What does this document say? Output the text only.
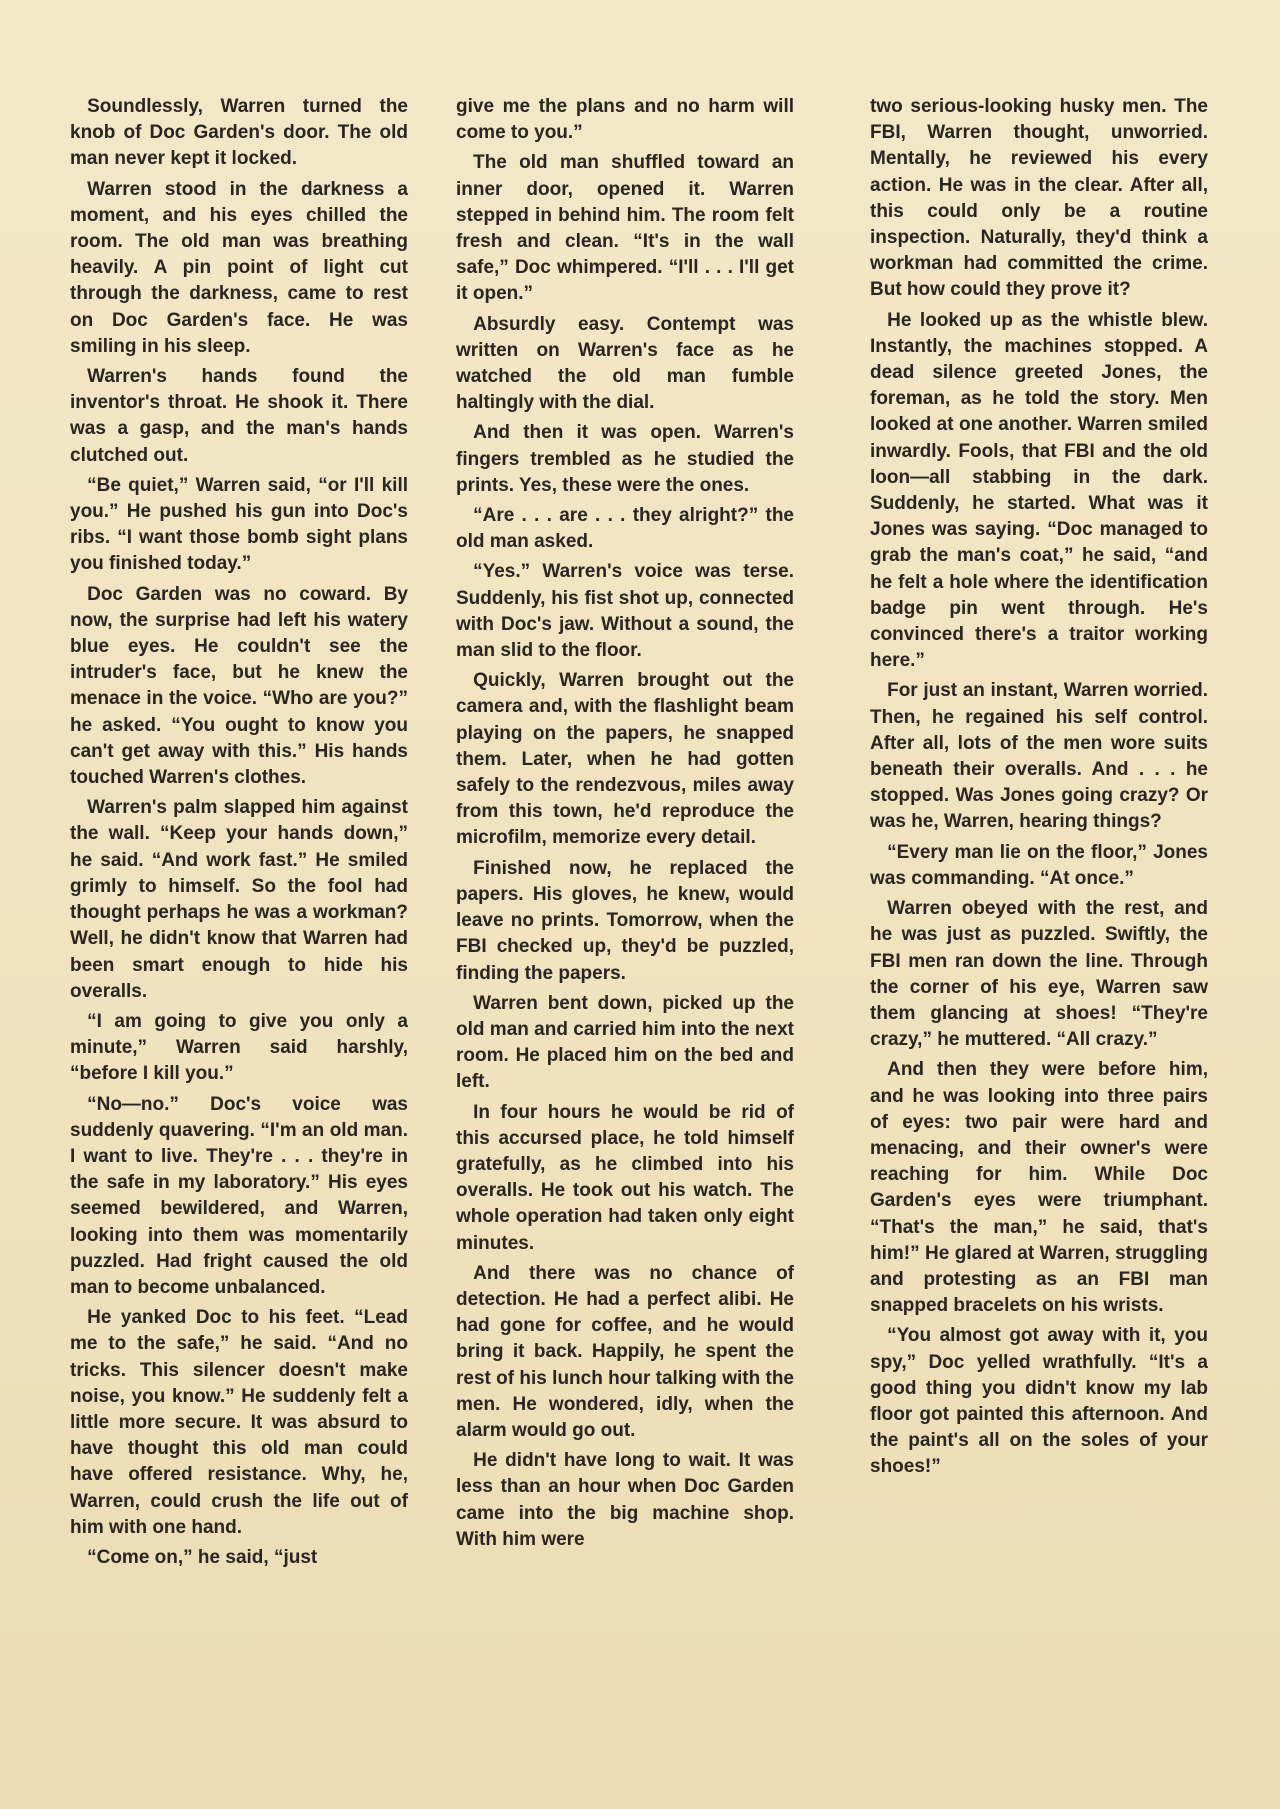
Soundlessly, Warren turned the knob of Doc Garden's door. The old man never kept it locked.

Warren stood in the darkness a moment, and his eyes chilled the room. The old man was breathing heavily. A pin point of light cut through the darkness, came to rest on Doc Garden's face. He was smiling in his sleep.

Warren's hands found the inventor's throat. He shook it. There was a gasp, and the man's hands clutched out.

“Be quiet,” Warren said, “or I'll kill you.” He pushed his gun into Doc's ribs. “I want those bomb sight plans you finished today.”

Doc Garden was no coward. By now, the surprise had left his watery blue eyes. He couldn't see the intruder's face, but he knew the menace in the voice. “Who are you?” he asked. “You ought to know you can't get away with this.” His hands touched Warren's clothes.

Warren's palm slapped him against the wall. “Keep your hands down,” he said. “And work fast.” He smiled grimly to himself. So the fool had thought perhaps he was a workman? Well, he didn't know that Warren had been smart enough to hide his overalls.

“I am going to give you only a minute,” Warren said harshly, “before I kill you.”

“No—no.” Doc's voice was suddenly quavering. “I'm an old man. I want to live. They're . . . they're in the safe in my laboratory.” His eyes seemed bewildered, and Warren, looking into them was momentarily puzzled. Had fright caused the old man to become unbalanced.

He yanked Doc to his feet. “Lead me to the safe,” he said. “And no tricks. This silencer doesn't make noise, you know.” He suddenly felt a little more secure. It was absurd to have thought this old man could have offered resistance. Why, he, Warren, could crush the life out of him with one hand.

“Come on,” he said, “just

give me the plans and no harm will come to you.”

The old man shuffled toward an inner door, opened it. Warren stepped in behind him. The room felt fresh and clean. “It's in the wall safe,” Doc whimpered. “I'll . . . I'll get it open.”

Absurdly easy. Contempt was written on Warren's face as he watched the old man fumble haltingly with the dial.

And then it was open. Warren's fingers trembled as he studied the prints. Yes, these were the ones.

“Are . . . are . . . they alright?” the old man asked.

“Yes.” Warren's voice was terse. Suddenly, his fist shot up, connected with Doc's jaw. Without a sound, the man slid to the floor.

Quickly, Warren brought out the camera and, with the flashlight beam playing on the papers, he snapped them. Later, when he had gotten safely to the rendezvous, miles away from this town, he'd reproduce the microfilm, memorize every detail.

Finished now, he replaced the papers. His gloves, he knew, would leave no prints. Tomorrow, when the FBI checked up, they'd be puzzled, finding the papers.

Warren bent down, picked up the old man and carried him into the next room. He placed him on the bed and left.

In four hours he would be rid of this accursed place, he told himself gratefully, as he climbed into his overalls. He took out his watch. The whole operation had taken only eight minutes.

And there was no chance of detection. He had a perfect alibi. He had gone for coffee, and he would bring it back. Happily, he spent the rest of his lunch hour talking with the men. He wondered, idly, when the alarm would go out.

He didn't have long to wait. It was less than an hour when Doc Garden came into the big machine shop. With him were

two serious-looking husky men. The FBI, Warren thought, unworried. Mentally, he reviewed his every action. He was in the clear. After all, this could only be a routine inspection. Naturally, they'd think a workman had committed the crime. But how could they prove it?

He looked up as the whistle blew. Instantly, the machines stopped. A dead silence greeted Jones, the foreman, as he told the story. Men looked at one another. Warren smiled inwardly. Fools, that FBI and the old loon—all stabbing in the dark. Suddenly, he started. What was it Jones was saying. “Doc managed to grab the man's coat,” he said, “and he felt a hole where the identification badge pin went through. He's convinced there's a traitor working here.”

For just an instant, Warren worried. Then, he regained his self control. After all, lots of the men wore suits beneath their overalls. And . . . he stopped. Was Jones going crazy? Or was he, Warren, hearing things?

“Every man lie on the floor,” Jones was commanding. “At once.”

Warren obeyed with the rest, and he was just as puzzled. Swiftly, the FBI men ran down the line. Through the corner of his eye, Warren saw them glancing at shoes! “They're crazy,” he muttered. “All crazy.”

And then they were before him, and he was looking into three pairs of eyes: two pair were hard and menacing, and their owner's were reaching for him. While Doc Garden's eyes were triumphant. “That's the man,” he said, that's him!” He glared at Warren, struggling and protesting as an FBI man snapped bracelets on his wrists.

“You almost got away with it, you spy,” Doc yelled wrathfully. “It's a good thing you didn't know my lab floor got painted this afternoon. And the paint's all on the soles of your shoes!”
